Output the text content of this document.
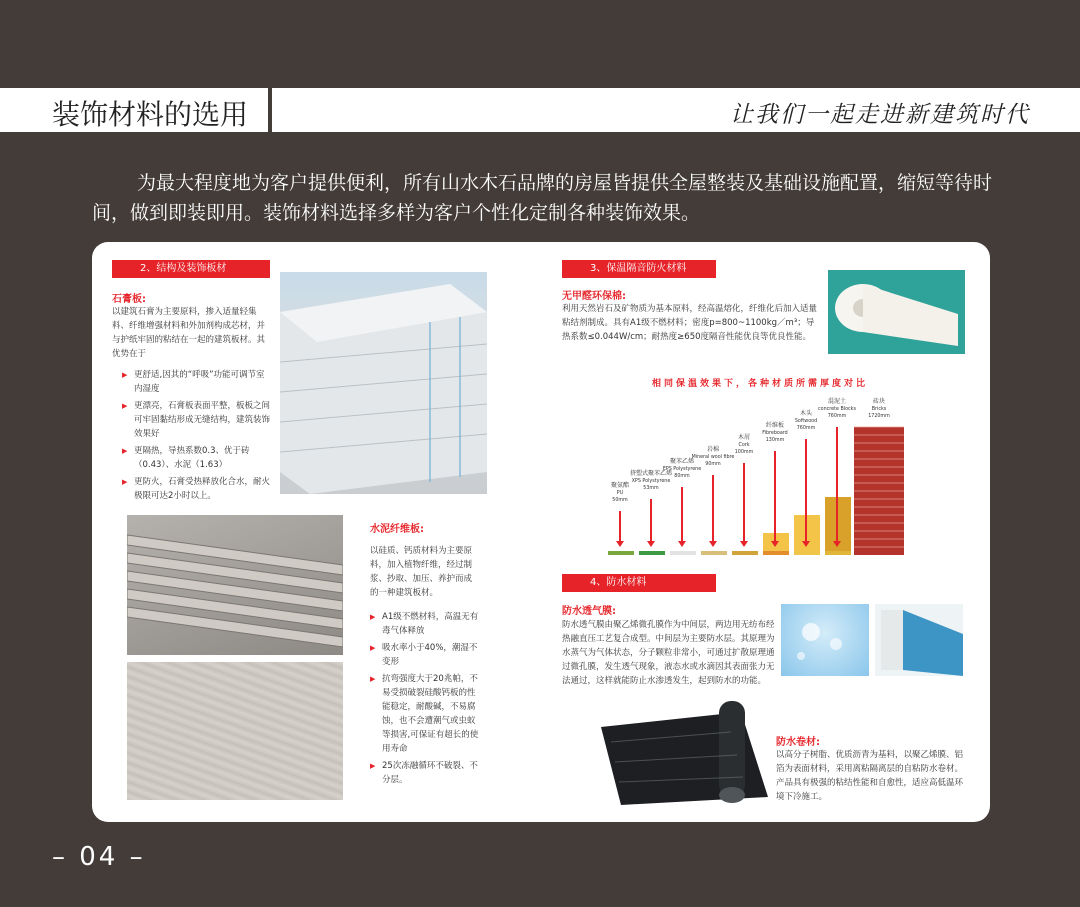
装饰材料的选用	让我们一起走进新建筑时代
为最大程度地为客户提供便利，所有山水木石品牌的房屋皆提供全屋整装及基础设施配置，缩短等待时间，做到即装即用。装饰材料选择多样为客户个性化定制各种装饰效果。
2、结构及装饰板材
石膏板:
以建筑石膏为主要原料，掺入适量轻集料、纤维增强材料和外加剂构成芯材，并与护纸牢固的粘结在一起的建筑板材。其优势在于
▶ 更舒适,因其的“呼吸”功能可调节室内湿度
▶ 更漂亮，石膏板表面平整，板板之间可牢固黏结形成无缝结构，建筑装饰效果好
▶ 更隔热，导热系数0.3、优于砖（0.43）、水泥（1.63）
▶ 更防火，石膏受热释放化合水，耐火极限可达2小时以上。
水泥纤维板:
以硅质、钙质材料为主要原料，加入植物纤维，经过制浆、抄取、加压、养护而成的一种建筑板材。
▶ A1级不燃材料，高温无有毒气体释放
▶ 吸水率小于40%，潮湿不变形
▶ 抗弯强度大于20兆帕，不易受损破裂硅酸钙板的性能稳定，耐酸碱，不易腐蚀，也不会遭潮气或虫蚁等损害,可保证有超长的使用寿命
▶ 25次冻融循环不破裂、不分层。
3、保温隔音防火材料
无甲醛环保棉:
利用天然岩石及矿物质为基本原料，经高温熔化，纤维化后加入适量粘结剂制成。具有A1级不燃材料；密度p=800~1100kg／m³；导热系数≤0.044W/cm；耐热度≥650度隔音性能优良等优良性能。
相同保温效果下，各种材质所需厚度对比
聚氨酯
PU
50mm
挤塑式聚苯乙烯
XPS Polystyrene
53mm
聚苯乙烯
EPS Polystyrene
80mm
岩棉
Mineral wool fibre
90mm
木屑
Cork
100mm
纤维板
Fibreboard
130mm
木头
Softwood
760mm
混泥土
concrete Blocks
760mm
砖块
Bricks
1720mm
4、防水材料
防水透气膜:
防水透气膜由聚乙烯微孔膜作为中间层，两边用无纺布经热融直压工艺复合成型。中间层为主要防水层。其原理为水蒸气为气体状态，分子颗粒非常小，可通过扩散原理通过微孔膜，发生透气现象，液态水或水滴因其表面张力无法通过，这样就能防止水渗透发生，起到防水的功能。
防水卷材:
以高分子树脂、优质沥青为基料，以聚乙烯膜、铝箔为表面材料，采用离粘隔离层的自粘防水卷材。产品具有极强的粘结性能和自愈性，适应高低温环境下冷施工。
– 04 –
